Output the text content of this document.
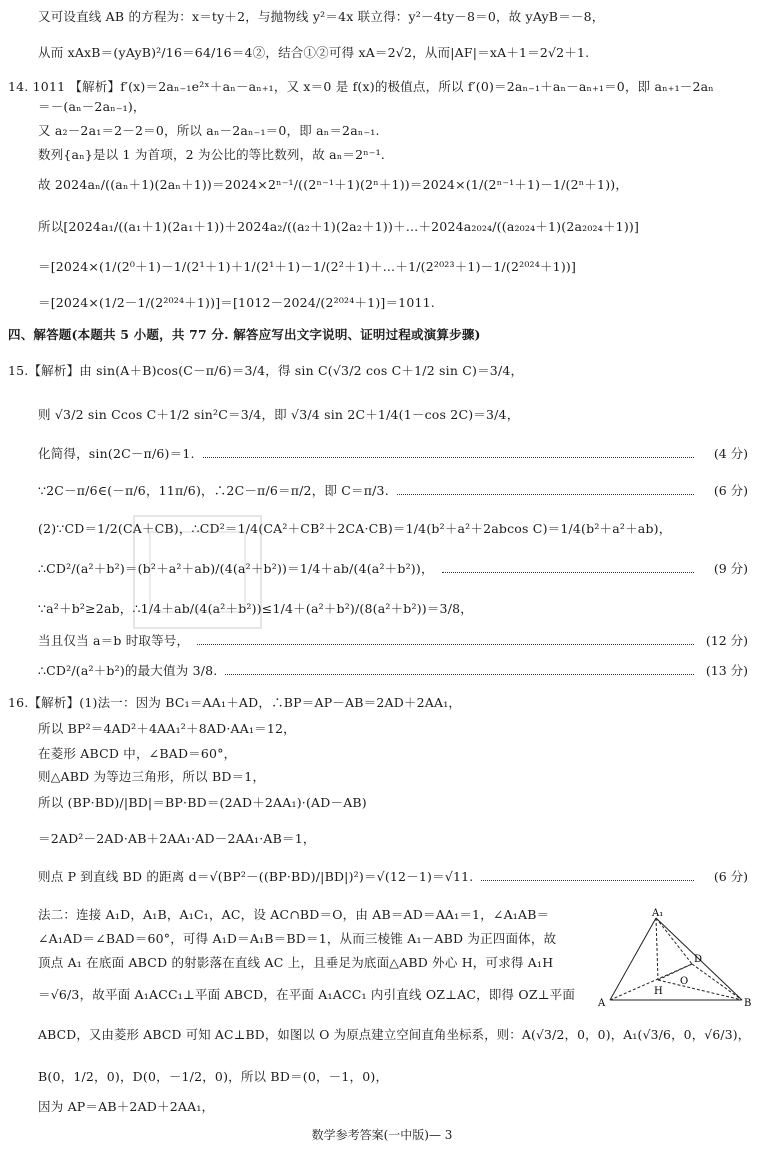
又可设直线 AB 的方程为：x＝ty＋2，与抛物线 y²＝4x 联立得：y²－4ty－8＝0，故 yAyB＝－8，
从而 xAxB＝(yAyB)²/16＝64/16＝4②，结合①②可得 xA＝2√2，从而|AF|＝xA＋1＝2√2＋1.
14. 1011 【解析】f′(x)＝2aₙ₋₁e²ˣ＋aₙ－aₙ₊₁，又 x＝0 是 f(x)的极值点，所以 f′(0)＝2aₙ₋₁＋aₙ－aₙ₊₁＝0，即 aₙ₊₁－2aₙ
＝－(aₙ－2aₙ₋₁)，
又 a₂－2a₁＝2－2＝0，所以 aₙ－2aₙ₋₁＝0，即 aₙ＝2aₙ₋₁.
数列{aₙ}是以 1 为首项，2 为公比的等比数列，故 aₙ＝2ⁿ⁻¹.
故 2024aₙ/((aₙ＋1)(2aₙ＋1))＝2024×2ⁿ⁻¹/((2ⁿ⁻¹＋1)(2ⁿ＋1))＝2024×(1/(2ⁿ⁻¹＋1)－1/(2ⁿ＋1))，
所以[2024a₁/((a₁＋1)(2a₁＋1))＋2024a₂/((a₂＋1)(2a₂＋1))＋…＋2024a₂₀₂₄/((a₂₀₂₄＋1)(2a₂₀₂₄＋1))]
＝[2024×(1/(2⁰＋1)－1/(2¹＋1)＋1/(2¹＋1)－1/(2²＋1)＋…＋1/(2²⁰²³＋1)－1/(2²⁰²⁴＋1))]
＝[2024×(1/2－1/(2²⁰²⁴＋1))]＝[1012－2024/(2²⁰²⁴＋1)]＝1011.
四、解答题(本题共 5 小题，共 77 分. 解答应写出文字说明、证明过程或演算步骤)
15.【解析】由 sin(A＋B)cos(C－π/6)＝3/4，得 sin C(√3/2 cos C＋1/2 sin C)＝3/4，
则 √3/2 sin Ccos C＋1/2 sin²C＝3/4，即 √3/4 sin 2C＋1/4(1－cos 2C)＝3/4，
化简得，sin(2C－π/6)＝1.	(4 分)
∵2C－π/6∈(－π/6，11π/6)，∴2C－π/6＝π/2，即 C＝π/3.	(6 分)
(2)∵CD＝1/2(CA＋CB)，∴CD²＝1/4(CA²＋CB²＋2CA·CB)＝1/4(b²＋a²＋2abcos C)＝1/4(b²＋a²＋ab)，
∴CD²/(a²＋b²)＝(b²＋a²＋ab)/(4(a²＋b²))＝1/4＋ab/(4(a²＋b²))，	(9 分)
∵a²＋b²≥2ab，∴1/4＋ab/(4(a²＋b²))≤1/4＋(a²＋b²)/(8(a²＋b²))＝3/8，
当且仅当 a＝b 时取等号，	(12 分)
∴CD²/(a²＋b²)的最大值为 3/8.	(13 分)
16.【解析】(1)法一：因为 BC₁＝AA₁＋AD，∴BP＝AP－AB＝2AD＋2AA₁，
所以 BP²＝4AD²＋4AA₁²＋8AD·AA₁＝12，
在菱形 ABCD 中，∠BAD＝60°，
则△ABD 为等边三角形，所以 BD＝1，
所以 (BP·BD)/|BD|＝BP·BD＝(2AD＋2AA₁)·(AD－AB)
＝2AD²－2AD·AB＋2AA₁·AD－2AA₁·AB＝1，
则点 P 到直线 BD 的距离 d＝√(BP²－((BP·BD)/|BD|)²)＝√(12－1)＝√11.	(6 分)
法二：连接 A₁D，A₁B，A₁C₁，AC，设 AC∩BD＝O，由 AB＝AD＝AA₁＝1，∠A₁AB＝
∠A₁AD＝∠BAD＝60°，可得 A₁D＝A₁B＝BD＝1，从而三棱锥 A₁－ABD 为正四面体，故
顶点 A₁ 在底面 ABCD 的射影落在直线 AC 上，且垂足为底面△ABD 外心 H，可求得 A₁H
＝√6/3，故平面 A₁ACC₁⊥平面 ABCD，在平面 A₁ACC₁ 内引直线 OZ⊥AC，即得 OZ⊥平面
ABCD，又由菱形 ABCD 可知 AC⊥BD，如图以 O 为原点建立空间直角坐标系，则：A(√3/2，0，0)，A₁(√3/6，0，√6/3)，
B(0，1/2，0)，D(0，－1/2，0)，所以 BD＝(0，－1，0)，
因为 AP＝AB＋2AD＋2AA₁，
A₁
A	B
D
O
H
数学参考答案(一中版)— 3
